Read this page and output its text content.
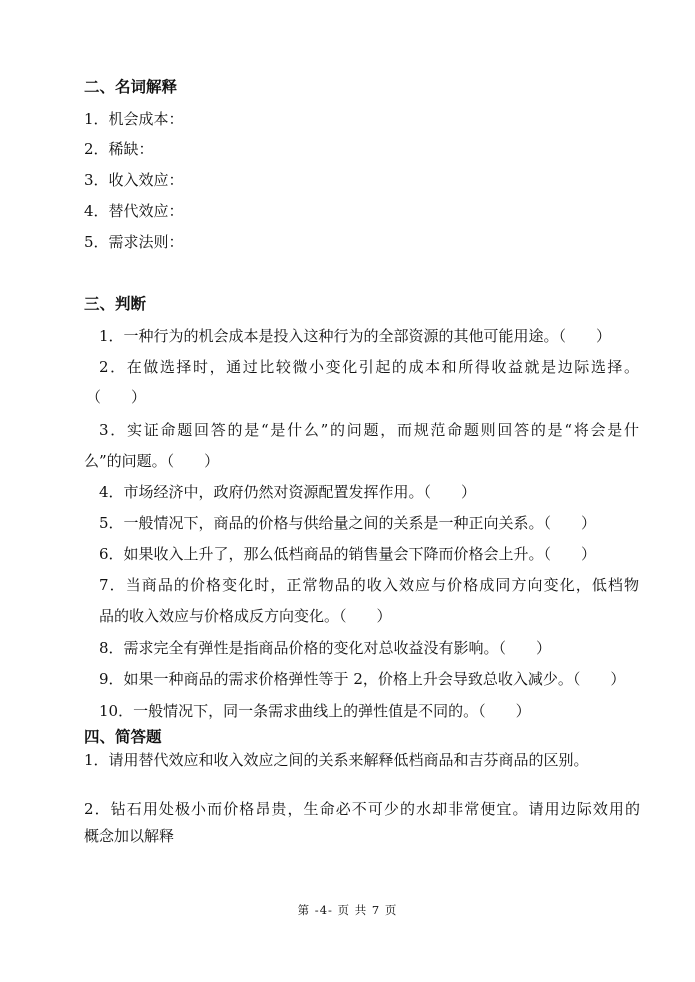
二、名词解释
1．机会成本：
2．稀缺：
3．收入效应：
4．替代效应：
5．需求法则：
三、判断
1．一种行为的机会成本是投入这种行为的全部资源的其他可能用途。（　　）
2．在做选择时，通过比较微小变化引起的成本和所得收益就是边际选择。
（　　）
3．实证命题回答的是“是什么”的问题，而规范命题则回答的是“将会是什
么”的问题。（　　）
4．市场经济中，政府仍然对资源配置发挥作用。（　　）
5．一般情况下，商品的价格与供给量之间的关系是一种正向关系。（　　）
6．如果收入上升了，那么低档商品的销售量会下降而价格会上升。（　　）
7．当商品的价格变化时，正常物品的收入效应与价格成同方向变化，低档物
品的收入效应与价格成反方向变化。（　　）
8．需求完全有弹性是指商品价格的变化对总收益没有影响。（　　）
9．如果一种商品的需求价格弹性等于 2，价格上升会导致总收入减少。（　　）
10．一般情况下，同一条需求曲线上的弹性值是不同的。（　　）
四、简答题
1．请用替代效应和收入效应之间的关系来解释低档商品和吉芬商品的区别。
2．钻石用处极小而价格昂贵，生命必不可少的水却非常便宜。请用边际效用的
概念加以解释
第 -4- 页 共 7 页
